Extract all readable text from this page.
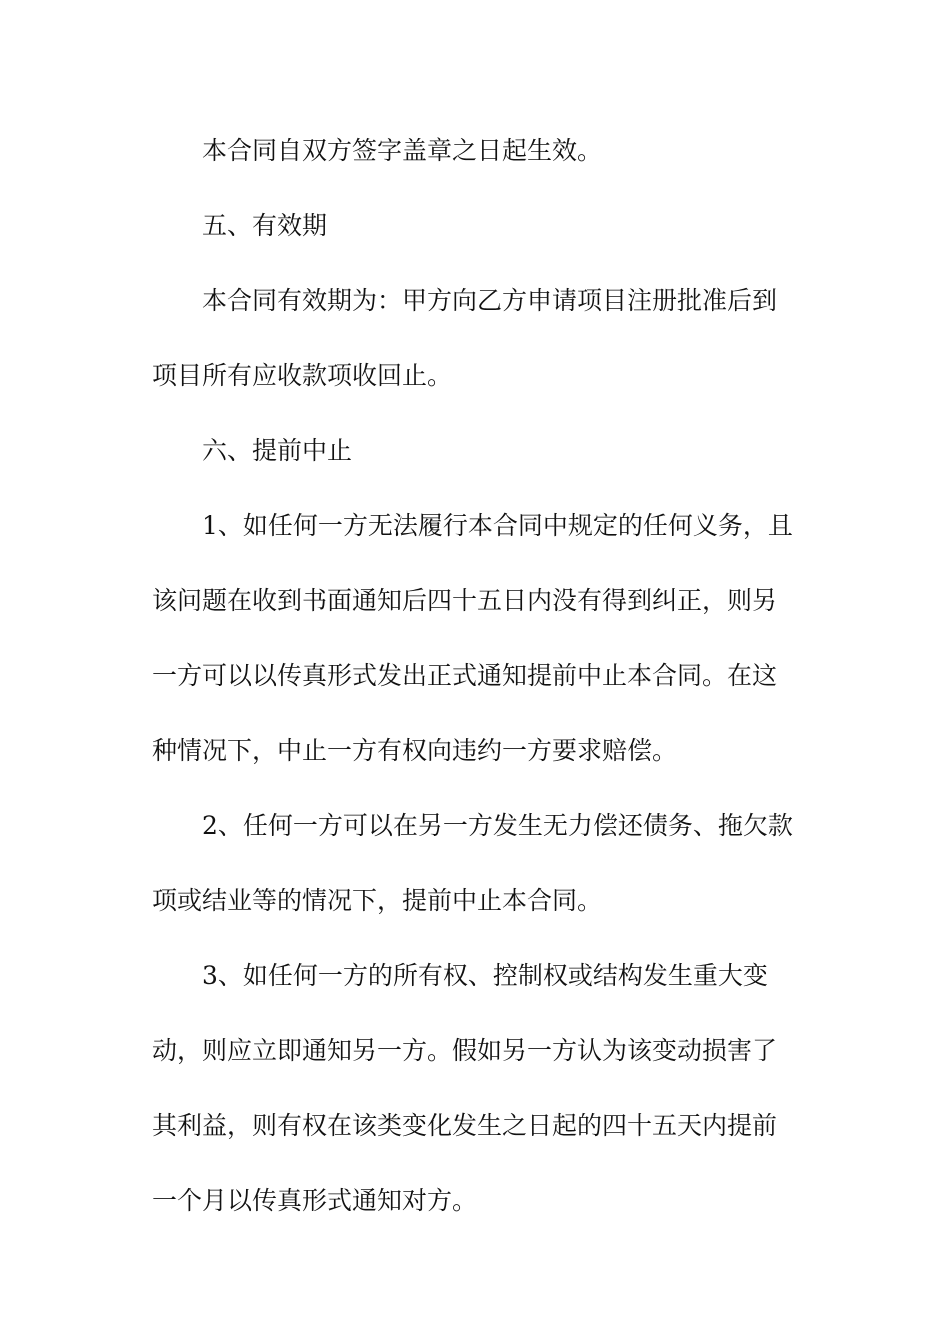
本合同自双方签字盖章之日起生效。
五、有效期
本合同有效期为：甲方向乙方申请项目注册批准后到
项目所有应收款项收回止。
六、提前中止
1、如任何一方无法履行本合同中规定的任何义务，且
该问题在收到书面通知后四十五日内没有得到纠正，则另
一方可以以传真形式发出正式通知提前中止本合同。在这
种情况下，中止一方有权向违约一方要求赔偿。
2、任何一方可以在另一方发生无力偿还债务、拖欠款
项或结业等的情况下，提前中止本合同。
3、如任何一方的所有权、控制权或结构发生重大变
动，则应立即通知另一方。假如另一方认为该变动损害了
其利益，则有权在该类变化发生之日起的四十五天内提前
一个月以传真形式通知对方。
